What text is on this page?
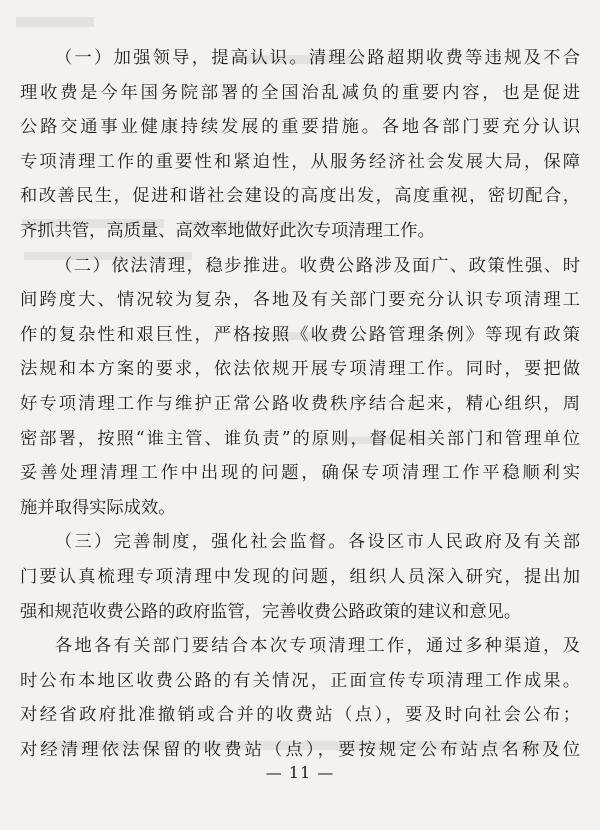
（一）加强领导，提高认识。清理公路超期收费等违规及不合
理收费是今年国务院部署的全国治乱减负的重要内容，也是促进
公路交通事业健康持续发展的重要措施。各地各部门要充分认识
专项清理工作的重要性和紧迫性，从服务经济社会发展大局，保障
和改善民生，促进和谐社会建设的高度出发，高度重视，密切配合，
齐抓共管，高质量、高效率地做好此次专项清理工作。
（二）依法清理，稳步推进。收费公路涉及面广、政策性强、时
间跨度大、情况较为复杂，各地及有关部门要充分认识专项清理工
作的复杂性和艰巨性，严格按照《收费公路管理条例》等现有政策
法规和本方案的要求，依法依规开展专项清理工作。同时，要把做
好专项清理工作与维护正常公路收费秩序结合起来，精心组织，周
密部署，按照“谁主管、谁负责”的原则，督促相关部门和管理单位
妥善处理清理工作中出现的问题，确保专项清理工作平稳顺利实
施并取得实际成效。
（三）完善制度，强化社会监督。各设区市人民政府及有关部
门要认真梳理专项清理中发现的问题，组织人员深入研究，提出加
强和规范收费公路的政府监管，完善收费公路政策的建议和意见。
各地各有关部门要结合本次专项清理工作，通过多种渠道，及
时公布本地区收费公路的有关情况，正面宣传专项清理工作成果。
对经省政府批准撤销或合并的收费站（点），要及时向社会公布；
对经清理依法保留的收费站（点），要按规定公布站点名称及位
— 11 —
